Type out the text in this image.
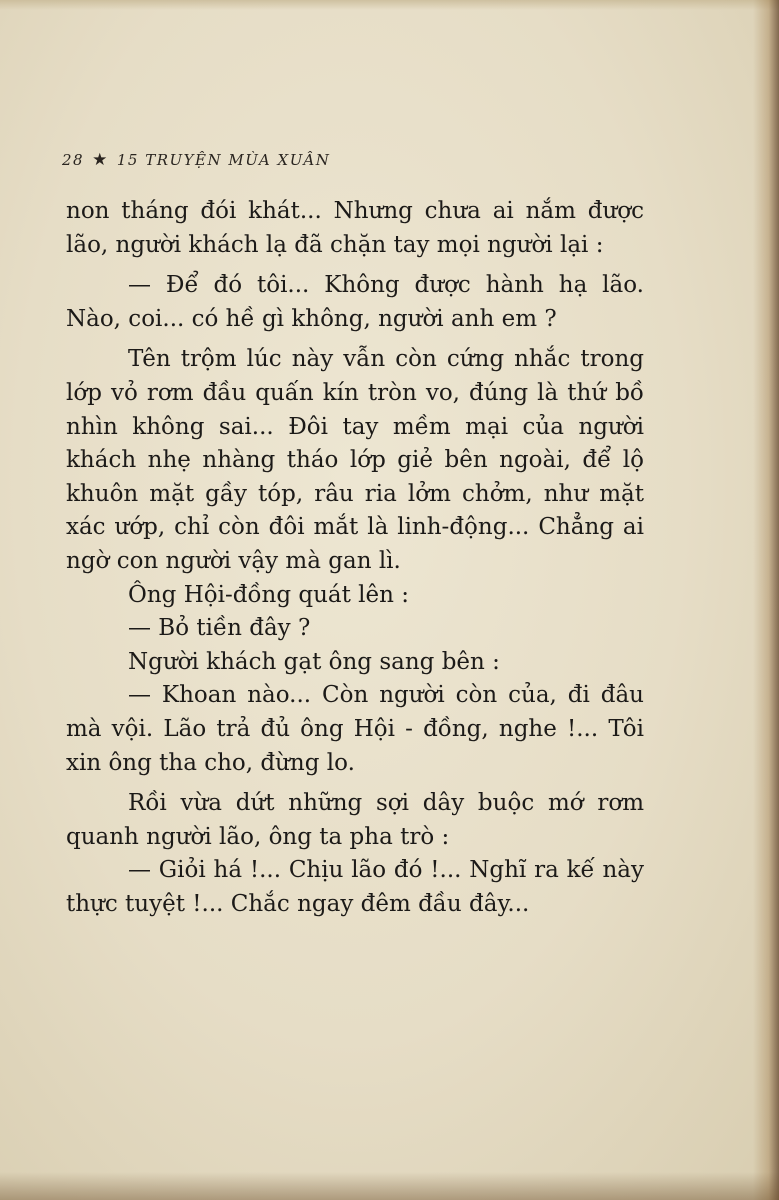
28 ★ 15 TRUYỆN MÙA XUÂN

non tháng đói khát... Nhưng chưa ai nắm được lão, người khách lạ đã chặn tay mọi người lại :

— Để đó tôi... Không được hành hạ lão. Nào, coi... có hề gì không, người anh em ?

Tên trộm lúc này vẫn còn cứng nhắc trong lớp vỏ rơm đầu quấn kín tròn vo, đúng là thứ bồ nhìn không sai... Đôi tay mềm mại của người khách nhẹ nhàng tháo lớp giẻ bên ngoài, để lộ khuôn mặt gầy tóp, râu ria lởm chởm, như mặt xác ướp, chỉ còn đôi mắt là linh-động... Chẳng ai ngờ con người vậy mà gan lì.

Ông Hội-đồng quát lên :

— Bỏ tiền đây ?

Người khách gạt ông sang bên :

— Khoan nào... Còn người còn của, đi đâu mà vội. Lão trả đủ ông Hội - đồng, nghe !... Tôi xin ông tha cho, đừng lo.

Rồi vừa dứt những sợi dây buộc mớ rơm quanh người lão, ông ta pha trò :

— Giỏi há !... Chịu lão đó !... Nghĩ ra kế này thực tuyệt !... Chắc ngay đêm đầu đây...
